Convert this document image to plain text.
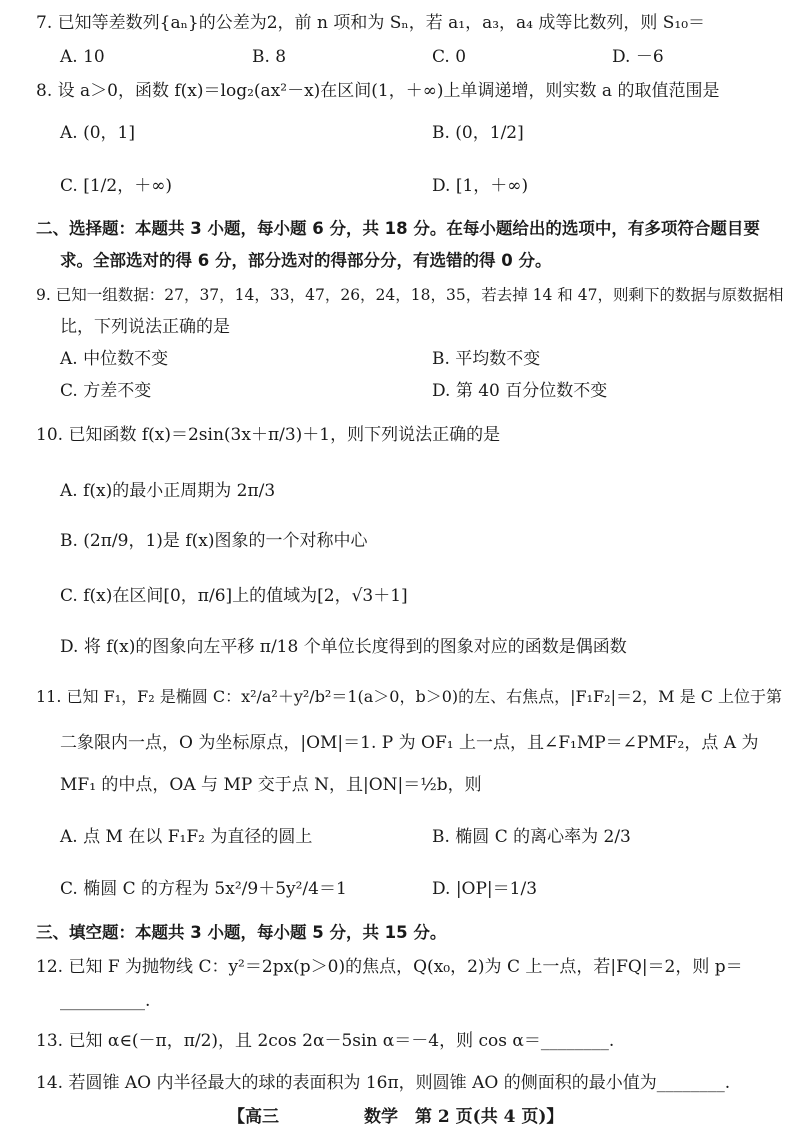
7. 已知等差数列{aₙ}的公差为2，前 n 项和为 Sₙ，若 a₁，a₃，a₄ 成等比数列，则 S₁₀＝
A. 10	B. 8	C. 0	D. －6
8. 设 a＞0，函数 f(x)＝log₂(ax²－x)在区间(1，＋∞)上单调递增，则实数 a 的取值范围是
A. (0，1]	B. (0，1/2]
C. [1/2，＋∞)	D. [1，＋∞)
二、选择题：本题共 3 小题，每小题 6 分，共 18 分。在每小题给出的选项中，有多项符合题目要
求。全部选对的得 6 分，部分选对的得部分分，有选错的得 0 分。
9. 已知一组数据：27，37，14，33，47，26，24，18，35，若去掉 14 和 47，则剩下的数据与原数据相
比，下列说法正确的是
A. 中位数不变	B. 平均数不变
C. 方差不变	D. 第 40 百分位数不变
10. 已知函数 f(x)＝2sin(3x＋π/3)＋1，则下列说法正确的是
A. f(x)的最小正周期为 2π/3
B. (2π/9，1)是 f(x)图象的一个对称中心
C. f(x)在区间[0，π/6]上的值域为[2，√3＋1]
D. 将 f(x)的图象向左平移 π/18 个单位长度得到的图象对应的函数是偶函数
11. 已知 F₁，F₂ 是椭圆 C：x²/a²＋y²/b²＝1(a＞0，b＞0)的左、右焦点，|F₁F₂|＝2，M 是 C 上位于第
二象限内一点，O 为坐标原点，|OM|＝1. P 为 OF₁ 上一点，且∠F₁MP＝∠PMF₂，点 A 为
MF₁ 的中点，OA 与 MP 交于点 N，且|ON|＝½b，则
A. 点 M 在以 F₁F₂ 为直径的圆上	B. 椭圆 C 的离心率为 2/3
C. 椭圆 C 的方程为 5x²/9＋5y²/4＝1	D. |OP|＝1/3
三、填空题：本题共 3 小题，每小题 5 分，共 15 分。
12. 已知 F 为抛物线 C：y²＝2px(p＞0)的焦点，Q(x₀，2)为 C 上一点，若|FQ|＝2，则 p＝
__________.
13. 已知 α∈(－π，π/2)，且 2cos 2α－5sin α＝－4，则 cos α＝________.
14. 若圆锥 AO 内半径最大的球的表面积为 16π，则圆锥 AO 的侧面积的最小值为________.
【高三　　　　　数学　第 2 页(共 4 页)】
